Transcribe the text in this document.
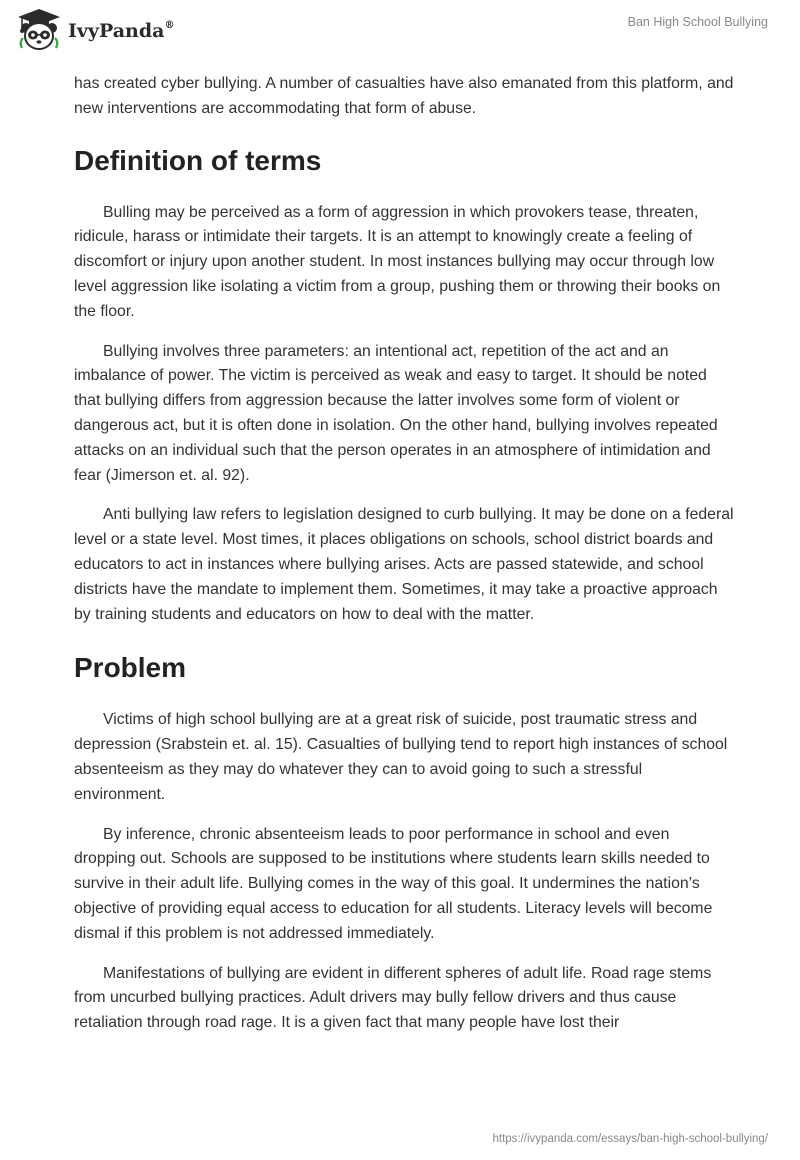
IvyPanda®	Ban High School Bullying

has created cyber bullying. A number of casualties have also emanated from this platform, and new interventions are accommodating that form of abuse.

Definition of terms

Bulling may be perceived as a form of aggression in which provokers tease, threaten, ridicule, harass or intimidate their targets. It is an attempt to knowingly create a feeling of discomfort or injury upon another student. In most instances bullying may occur through low level aggression like isolating a victim from a group, pushing them or throwing their books on the floor.

Bullying involves three parameters: an intentional act, repetition of the act and an imbalance of power. The victim is perceived as weak and easy to target. It should be noted that bullying differs from aggression because the latter involves some form of violent or dangerous act, but it is often done in isolation. On the other hand, bullying involves repeated attacks on an individual such that the person operates in an atmosphere of intimidation and fear (Jimerson et. al. 92).

Anti bullying law refers to legislation designed to curb bullying. It may be done on a federal level or a state level. Most times, it places obligations on schools, school district boards and educators to act in instances where bullying arises. Acts are passed statewide, and school districts have the mandate to implement them. Sometimes, it may take a proactive approach by training students and educators on how to deal with the matter.

Problem

Victims of high school bullying are at a great risk of suicide, post traumatic stress and depression (Srabstein et. al. 15). Casualties of bullying tend to report high instances of school absenteeism as they may do whatever they can to avoid going to such a stressful environment.

By inference, chronic absenteeism leads to poor performance in school and even dropping out. Schools are supposed to be institutions where students learn skills needed to survive in their adult life. Bullying comes in the way of this goal. It undermines the nation’s objective of providing equal access to education for all students. Literacy levels will become dismal if this problem is not addressed immediately.

Manifestations of bullying are evident in different spheres of adult life. Road rage stems from uncurbed bullying practices. Adult drivers may bully fellow drivers and thus cause retaliation through road rage. It is a given fact that many people have lost their

https://ivypanda.com/essays/ban-high-school-bullying/
